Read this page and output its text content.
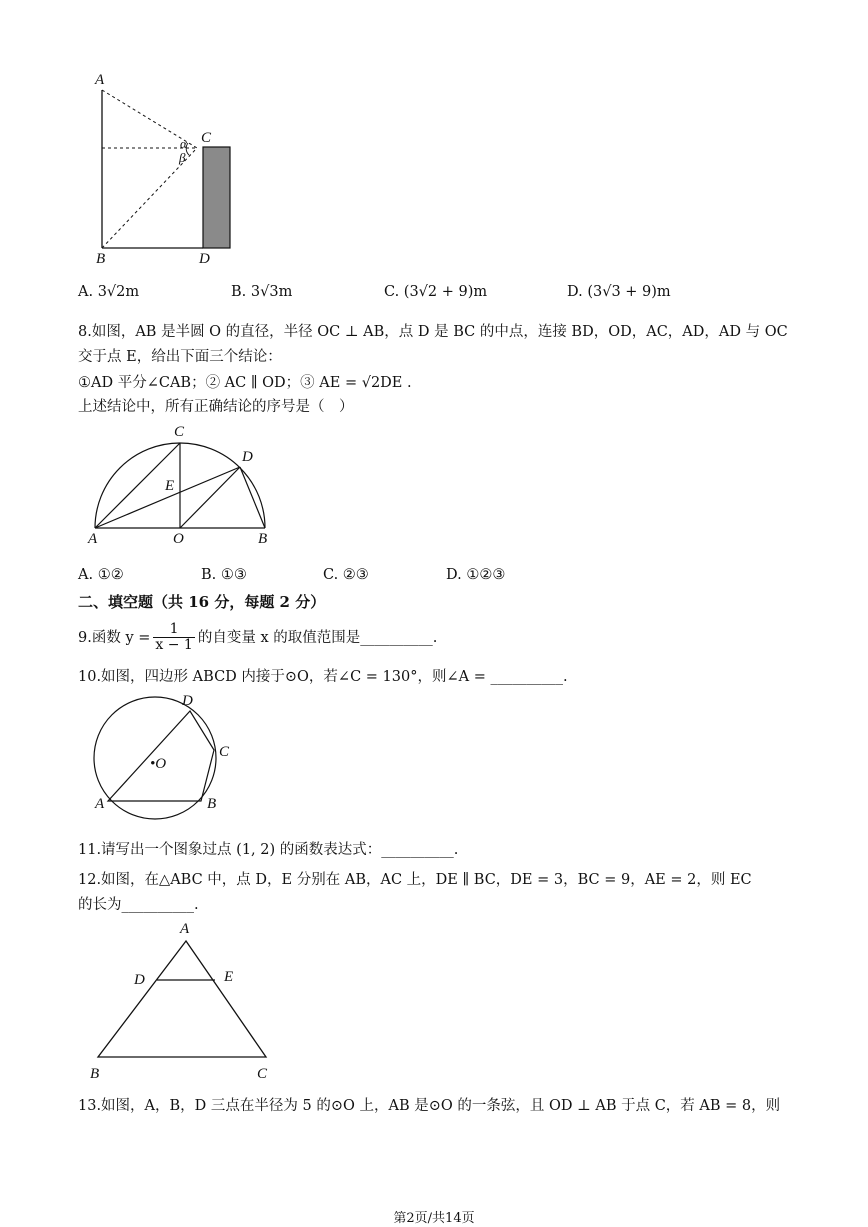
A
C
α
β
B	D
A. 3√2m	B. 3√3m	C. (3√2 + 9)m	D. (3√3 + 9)m
8.如图，AB 是半圆 O 的直径，半径 OC ⊥ AB，点 D 是 BC 的中点，连接 BD，OD，AC，AD，AD 与 OC
交于点 E，给出下面三个结论：
①AD 平分∠CAB；② AC ∥ OD；③ AE = √2DE .
上述结论中，所有正确结论的序号是（　）
C
D
E
A	O	B
A. ①②	B. ①③	C. ②③	D. ①②③
二、填空题（共 16 分，每题 2 分）
9.函数 $y = \frac{1}{x - 1}$ 的自变量 x 的取值范围是__________.
10.如图，四边形 ABCD 内接于⊙O，若∠C = 130°，则∠A = __________.
D
C
•O
A	B
11.请写出一个图象过点 (1, 2) 的函数表达式：__________.
12.如图，在△ABC 中，点 D，E 分别在 AB，AC 上，DE ∥ BC，DE = 3，BC = 9，AE = 2，则 EC
的长为__________.
A
D	E
B	C
13.如图，A，B，D 三点在半径为 5 的⊙O 上，AB 是⊙O 的一条弦，且 OD ⊥ AB 于点 C，若 AB = 8，则
第2页/共14页
